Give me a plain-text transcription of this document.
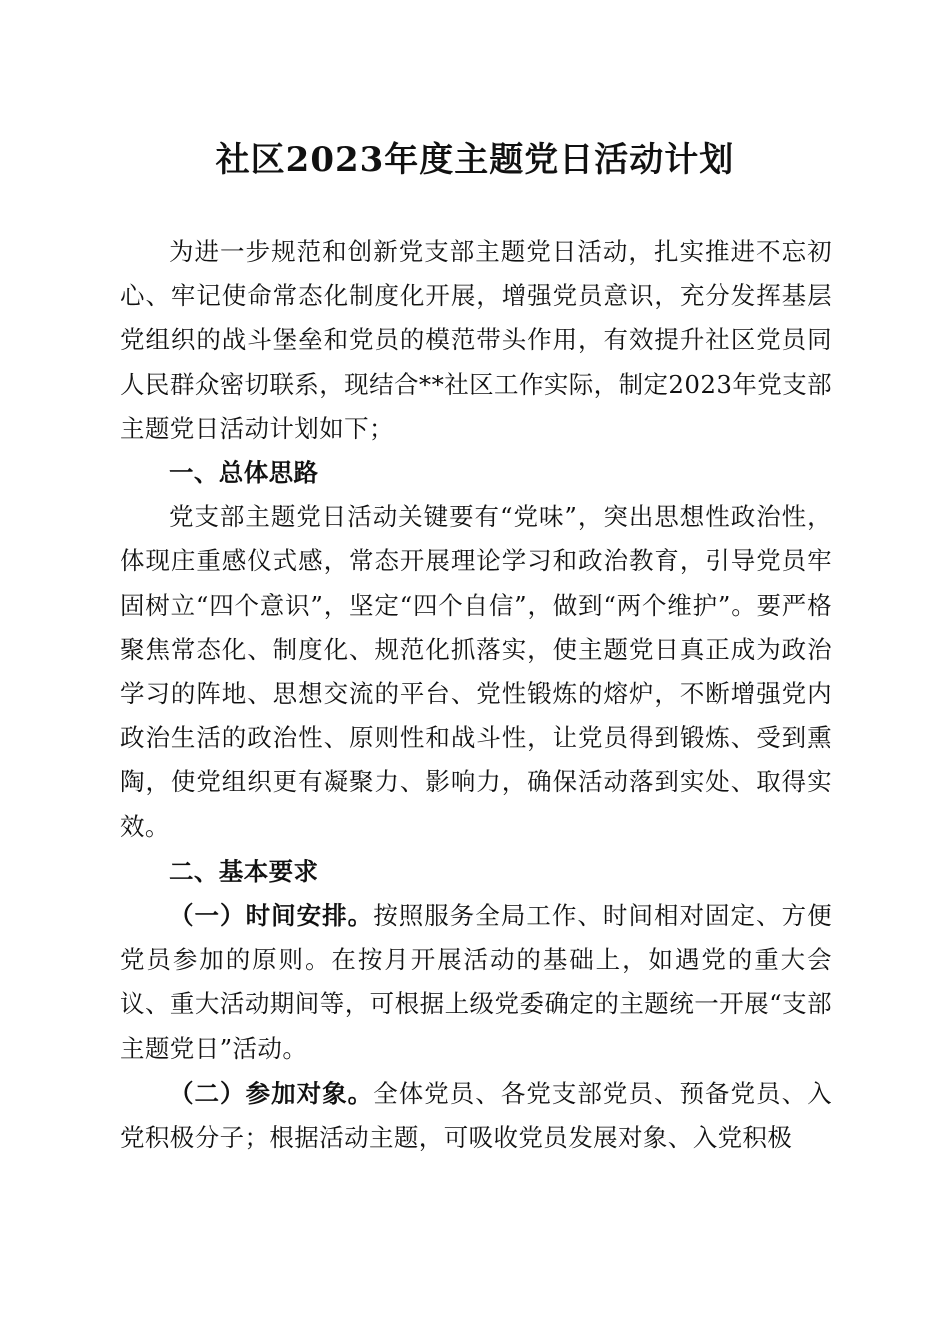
社区2023年度主题党日活动计划

为进一步规范和创新党支部主题党日活动，扎实推进不忘初心、牢记使命常态化制度化开展，增强党员意识，充分发挥基层党组织的战斗堡垒和党员的模范带头作用，有效提升社区党员同人民群众密切联系，现结合**社区工作实际，制定2023年党支部主题党日活动计划如下；

一、总体思路

党支部主题党日活动关键要有“党味”，突出思想性政治性，体现庄重感仪式感，常态开展理论学习和政治教育，引导党员牢固树立“四个意识”，坚定“四个自信”，做到“两个维护”。要严格聚焦常态化、制度化、规范化抓落实，使主题党日真正成为政治学习的阵地、思想交流的平台、党性锻炼的熔炉，不断增强党内政治生活的政治性、原则性和战斗性，让党员得到锻炼、受到熏陶，使党组织更有凝聚力、影响力，确保活动落到实处、取得实效。

二、基本要求

（一）时间安排。按照服务全局工作、时间相对固定、方便党员参加的原则。在按月开展活动的基础上，如遇党的重大会议、重大活动期间等，可根据上级党委确定的主题统一开展“支部主题党日”活动。

（二）参加对象。全体党员、各党支部党员、预备党员、入党积极分子；根据活动主题，可吸收党员发展对象、入党积极
